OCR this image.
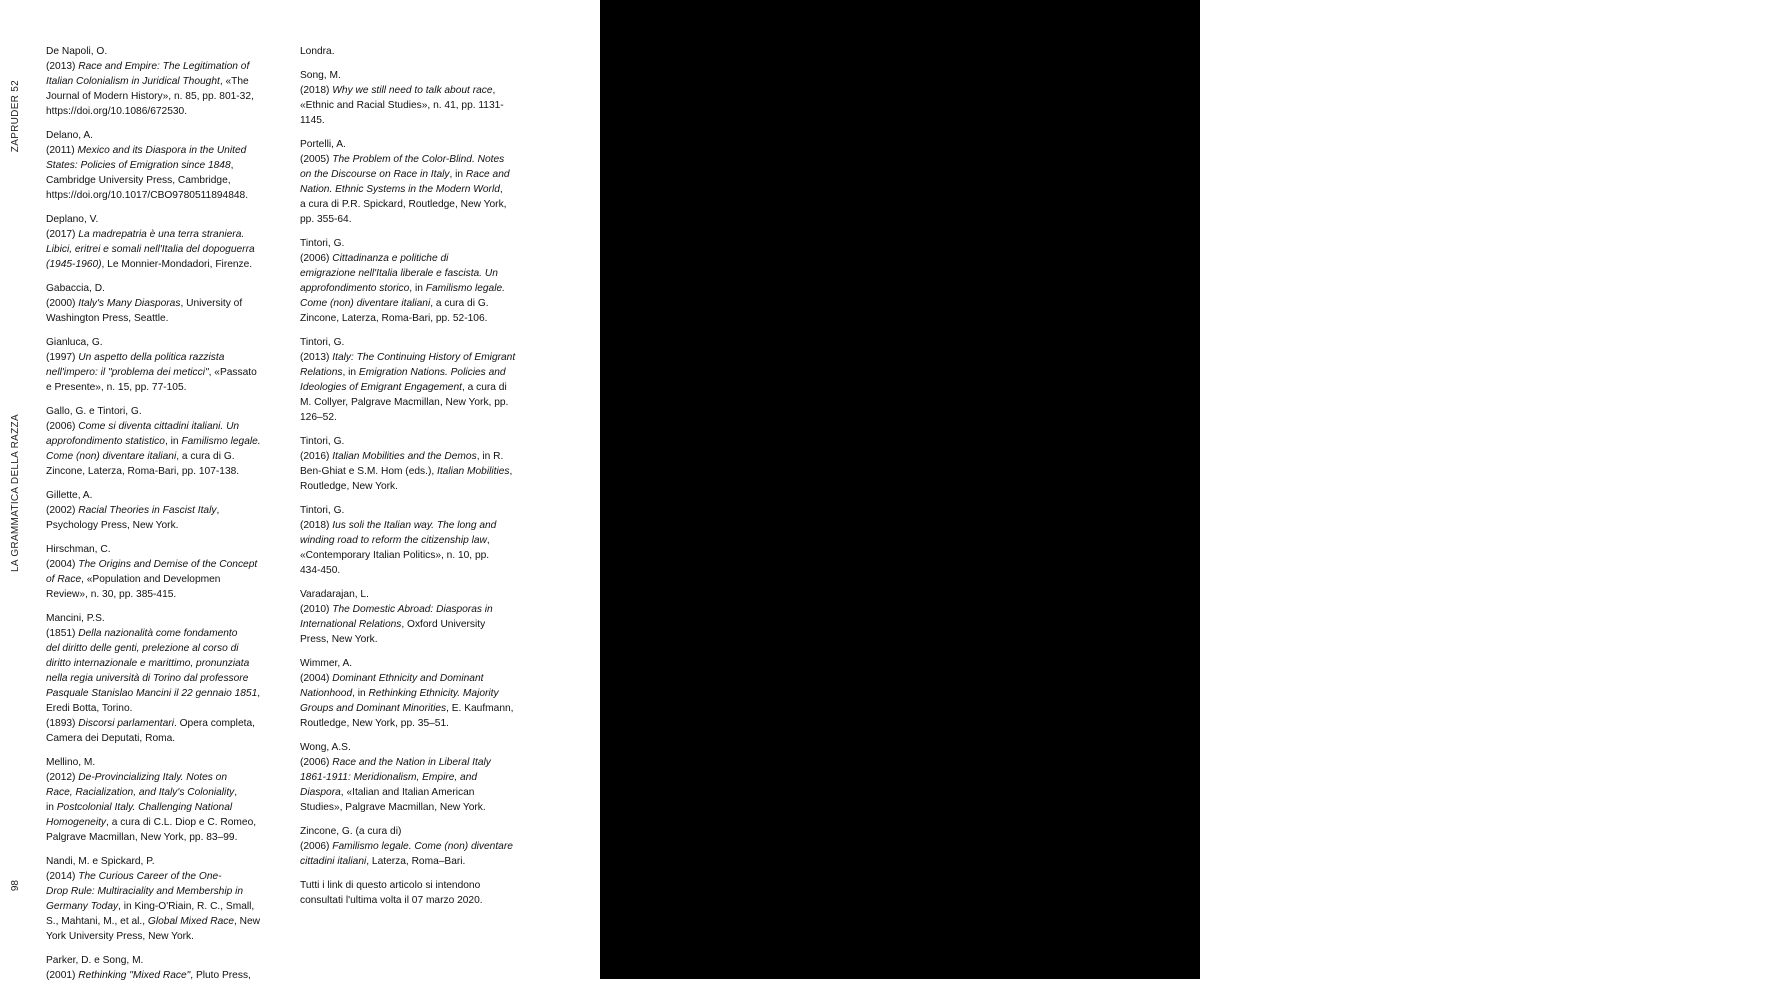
ZAPRUDER 52
LA GRAMMATICA DELLA RAZZA
98
De Napoli, O.
(2013) Race and Empire: The Legitimation of
Italian Colonialism in Juridical Thought, «The
Journal of Modern History», n. 85, pp. 801-32,
https://doi.org/10.1086/672530.
Delano, A.
(2011) Mexico and its Diaspora in the United
States: Policies of Emigration since 1848,
Cambridge University Press, Cambridge,
https://doi.org/10.1017/CBO9780511894848.
Deplano, V.
(2017) La madrepatria è una terra straniera.
Libici, eritrei e somali nell'Italia del dopoguerra
(1945-1960), Le Monnier-Mondadori, Firenze.
Gabaccia, D.
(2000) Italy's Many Diasporas, University of
Washington Press, Seattle.
Gianluca, G.
(1997) Un aspetto della politica razzista
nell'impero: il "problema dei meticci", «Passato
e Presente», n. 15, pp. 77-105.
Gallo, G. e Tintori, G.
(2006) Come si diventa cittadini italiani. Un
approfondimento statistico, in Familismo legale.
Come (non) diventare italiani, a cura di G.
Zincone, Laterza, Roma-Bari, pp. 107-138.
Gillette, A.
(2002) Racial Theories in Fascist Italy,
Psychology Press, New York.
Hirschman, C.
(2004) The Origins and Demise of the Concept
of Race, «Population and Developmen
Review», n. 30, pp. 385-415.
Mancini, P.S.
(1851) Della nazionalità come fondamento
del diritto delle genti, prelezione al corso di
diritto internazionale e marittimo, pronunziata
nella regia università di Torino dal professore
Pasquale Stanislao Mancini il 22 gennaio 1851,
Eredi Botta, Torino.
(1893) Discorsi parlamentari. Opera completa,
Camera dei Deputati, Roma.
Mellino, M.
(2012) De-Provincializing Italy. Notes on
Race, Racialization, and Italy's Coloniality,
in Postcolonial Italy. Challenging National
Homogeneity, a cura di C.L. Diop e C. Romeo,
Palgrave Macmillan, New York, pp. 83–99.
Nandi, M. e Spickard, P.
(2014) The Curious Career of the One-
Drop Rule: Multiraciality and Membership in
Germany Today, in King-O'Riain, R. C., Small,
S., Mahtani, M., et al., Global Mixed Race, New
York University Press, New York.
Parker, D. e Song, M.
(2001) Rethinking "Mixed Race", Pluto Press,
Londra.
Song, M.
(2018) Why we still need to talk about race,
«Ethnic and Racial Studies», n. 41, pp. 1131-
1145.
Portelli, A.
(2005) The Problem of the Color-Blind. Notes
on the Discourse on Race in Italy, in Race and
Nation. Ethnic Systems in the Modern World,
a cura di P.R. Spickard, Routledge, New York,
pp. 355-64.
Tintori, G.
(2006) Cittadinanza e politiche di
emigrazione nell'Italia liberale e fascista. Un
approfondimento storico, in Familismo legale.
Come (non) diventare italiani, a cura di G.
Zincone, Laterza, Roma-Bari, pp. 52-106.
Tintori, G.
(2013) Italy: The Continuing History of Emigrant
Relations, in Emigration Nations. Policies and
Ideologies of Emigrant Engagement, a cura di
M. Collyer, Palgrave Macmillan, New York, pp.
126–52.
Tintori, G.
(2016) Italian Mobilities and the Demos, in R.
Ben-Ghiat e S.M. Hom (eds.), Italian Mobilities,
Routledge, New York.
Tintori, G.
(2018) Ius soli the Italian way. The long and
winding road to reform the citizenship law,
«Contemporary Italian Politics», n. 10, pp.
434-450.
Varadarajan, L.
(2010) The Domestic Abroad: Diasporas in
International Relations, Oxford University
Press, New York.
Wimmer, A.
(2004) Dominant Ethnicity and Dominant
Nationhood, in Rethinking Ethnicity. Majority
Groups and Dominant Minorities, E. Kaufmann,
Routledge, New York, pp. 35–51.
Wong, A.S.
(2006) Race and the Nation in Liberal Italy
1861-1911: Meridionalism, Empire, and
Diaspora, «Italian and Italian American
Studies», Palgrave Macmillan, New York.
Zincone, G. (a cura di)
(2006) Familismo legale. Come (non) diventare
cittadini italiani, Laterza, Roma–Bari.
Tutti i link di questo articolo si intendono
consultati l'ultima volta il 07 marzo 2020.
SCHEGGE
Javier Alcalde
MARO ESTAS
GUTARO*
STORIA DEL MOVIMENTO
ESPERANTISTA IN CATALOGNA
*Il mare è un insieme di gocce
